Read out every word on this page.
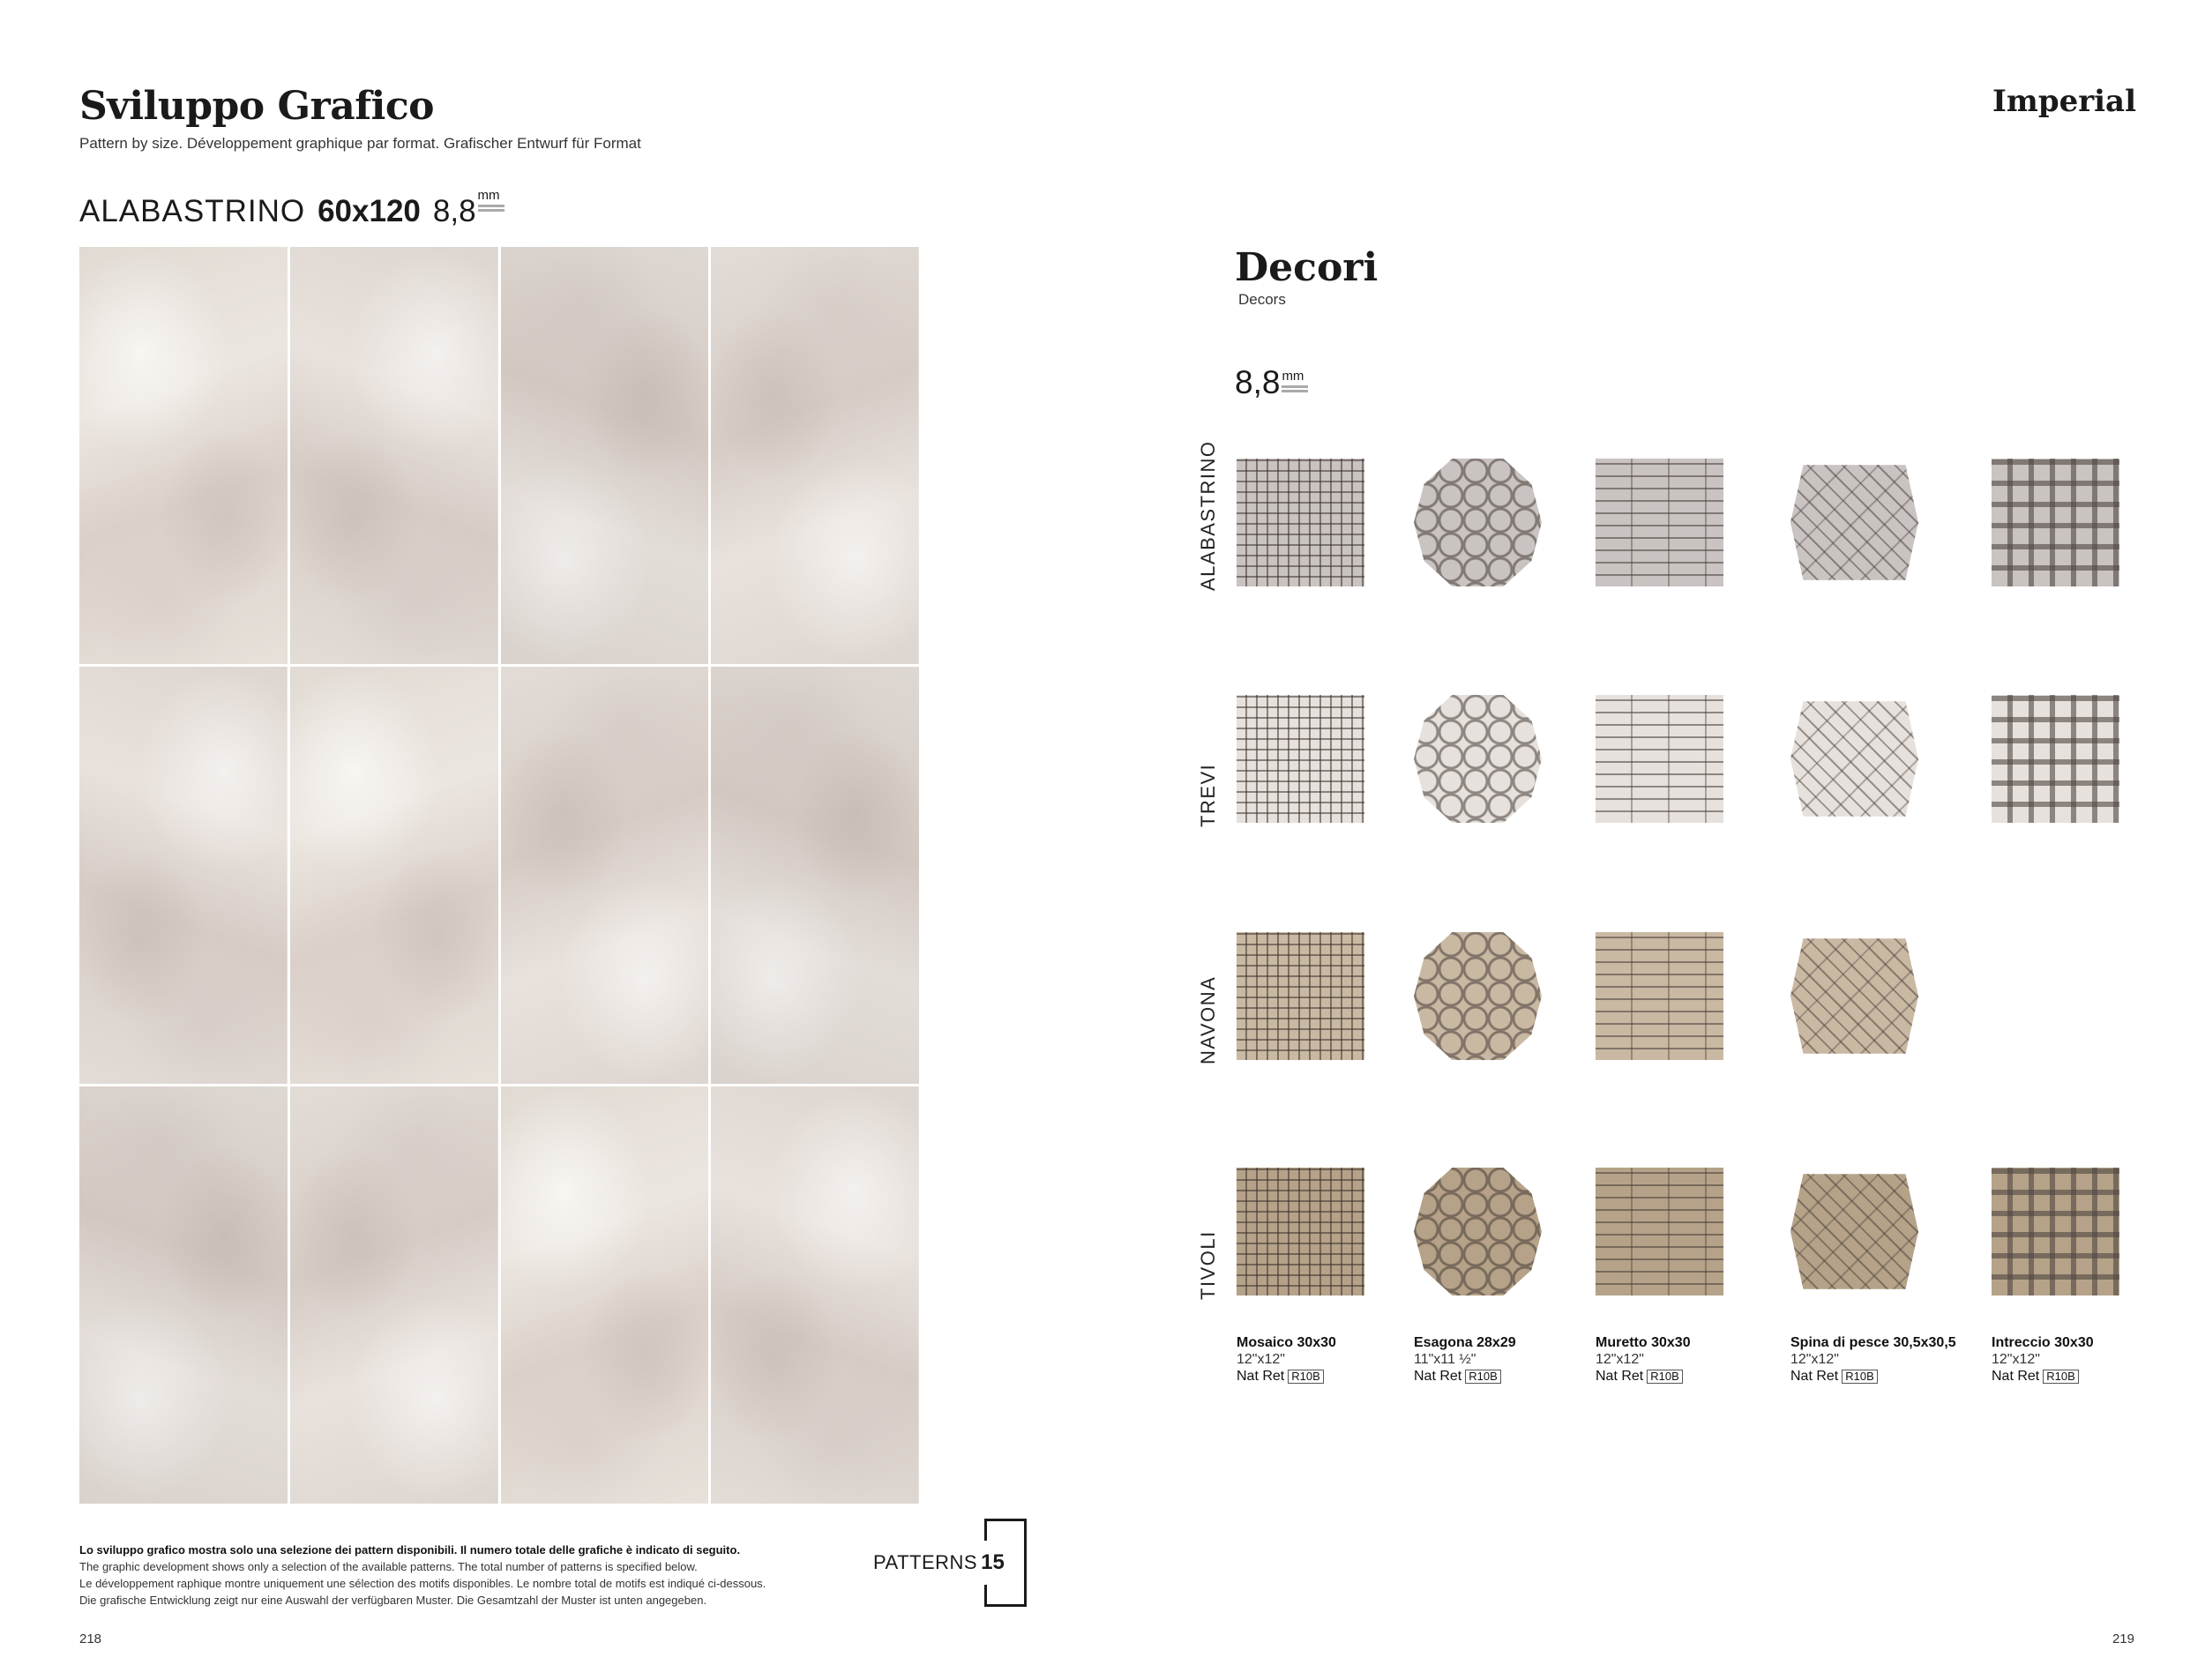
Sviluppo Grafico
Pattern by size. Développement graphique par format. Grafischer Entwurf für Format
Imperial
ALABASTRINO 60x120 8,8 mm
Decori
Decors
8,8 mm
ALABASTRINO
TREVI
NAVONA
TIVOLI
Mosaico 30x30
12"x12"
Nat Ret R10B
Esagona 28x29
11"x11 ½"
Nat Ret R10B
Muretto 30x30
12"x12"
Nat Ret R10B
Spina di pesce 30,5x30,5
12"x12"
Nat Ret R10B
Intreccio 30x30
12"x12"
Nat Ret R10B
Lo sviluppo grafico mostra solo una selezione dei pattern disponibili. Il numero totale delle grafiche è indicato di seguito.
The graphic development shows only a selection of the available patterns. The total number of patterns is specified below.
Le développement raphique montre uniquement une sélection des motifs disponibles. Le nombre total de motifs est indiqué ci-dessous.
Die grafische Entwicklung zeigt nur eine Auswahl der verfügbaren Muster. Die Gesamtzahl der Muster ist unten angegeben.
PATTERNS 15
218	219
